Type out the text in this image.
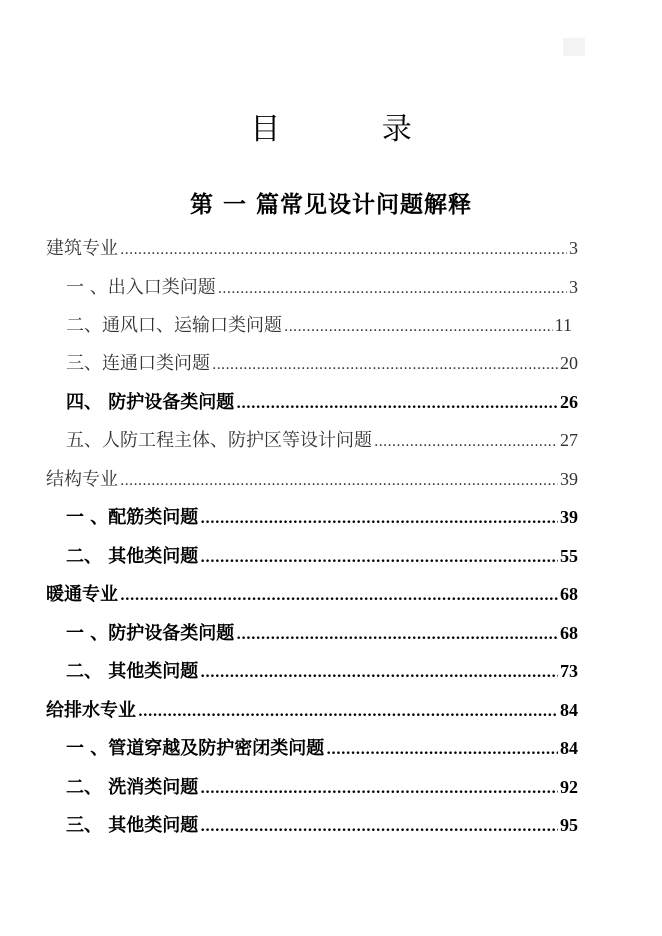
目 录
第 一 篇常见设计问题解释
建筑专业 .....	3
一 、出入口类问题 .....	3
二、通风口、运输口类问题 .....	11
三、连通口类问题 .....	20
四、 防护设备类问题 .....	26
五、人防工程主体、防护区等设计问题 .....	27
结构专业 .....	39
一 、配筋类问题 .....	39
二、 其他类问题 .....	55
暖通专业 .....	68
一 、防护设备类问题 .....	68
二、 其他类问题 .....	73
给排水专业 .....	84
一 、管道穿越及防护密闭类问题 .....	84
二、 洗消类问题 .....	92
三、 其他类问题 .....	95
